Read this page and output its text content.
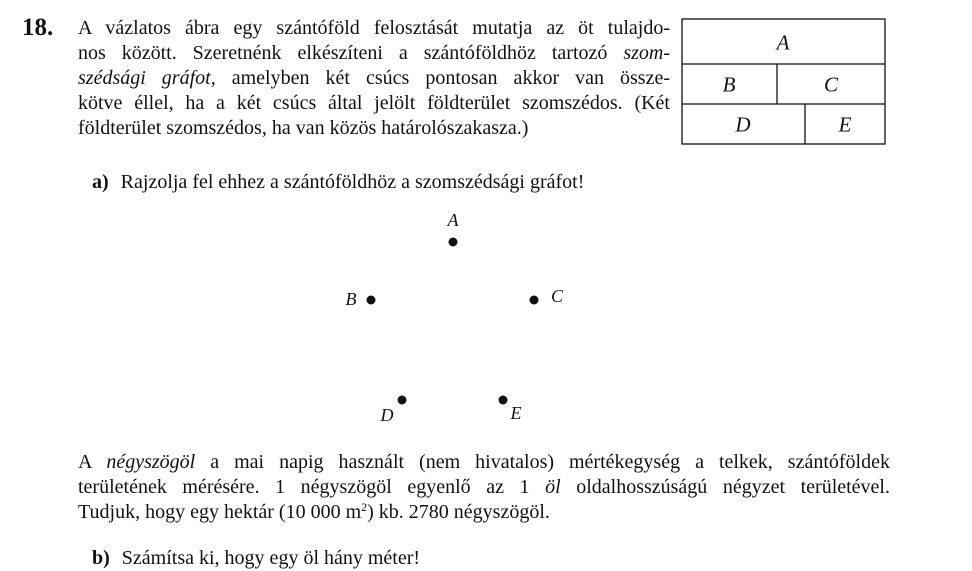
18. A vázlatos ábra egy szántóföld felosztását mutatja az öt tulajdo-
nos között. Szeretnénk elkészíteni a szántóföldhöz tartozó szom-
szédsági gráfot, amelyben két csúcs pontosan akkor van össze-
kötve éllel, ha a két csúcs által jelölt földterület szomszédos. (Két
földterület szomszédos, ha van közös határolószakasza.)
A
B	C
D	E
a) Rajzolja fel ehhez a szántóföldhöz a szomszédsági gráfot!
A
B	C
D	E
A négyszögöl a mai napig használt (nem hivatalos) mértékegység a telkek, szántóföldek
területének mérésére. 1 négyszögöl egyenlő az 1 öl oldalhosszúságú négyzet területével.
Tudjuk, hogy egy hektár (10 000 $m^2$) kb. 2780 négyszögöl.
b) Számítsa ki, hogy egy öl hány méter!
